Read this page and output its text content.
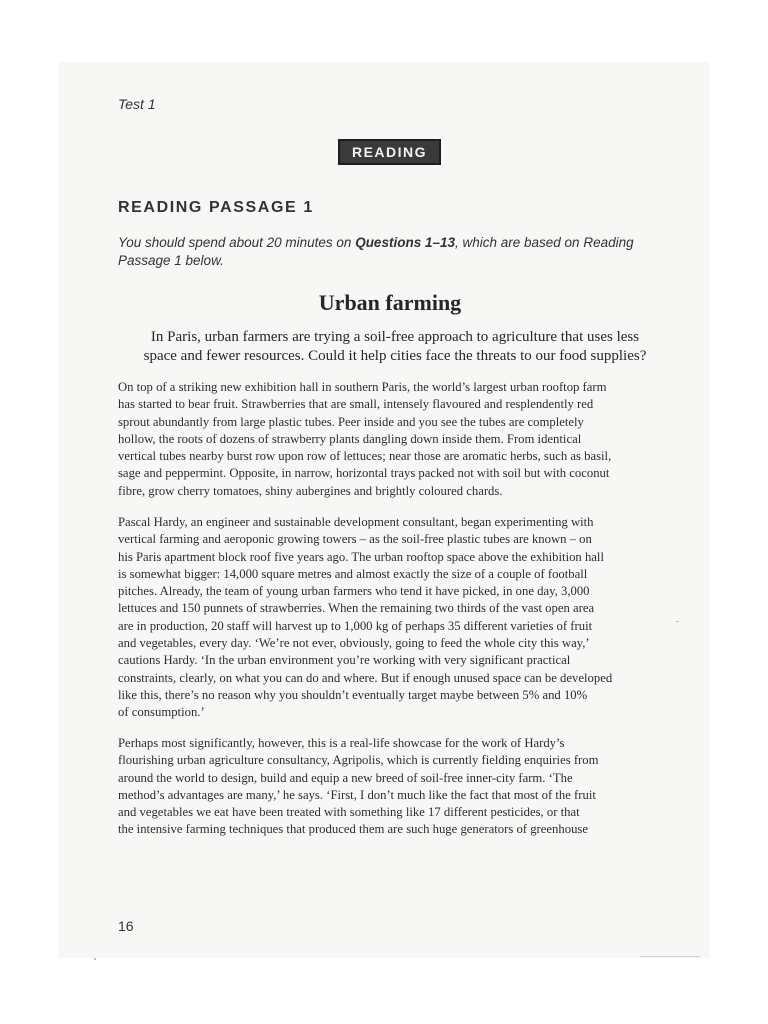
Test 1
READING
READING PASSAGE 1
You should spend about 20 minutes on Questions 1–13, which are based on Reading
Passage 1 below.
Urban farming
In Paris, urban farmers are trying a soil-free approach to agriculture that uses less
space and fewer resources. Could it help cities face the threats to our food supplies?
On top of a striking new exhibition hall in southern Paris, the world’s largest urban rooftop farm
has started to bear fruit. Strawberries that are small, intensely flavoured and resplendently red
sprout abundantly from large plastic tubes. Peer inside and you see the tubes are completely
hollow, the roots of dozens of strawberry plants dangling down inside them. From identical
vertical tubes nearby burst row upon row of lettuces; near those are aromatic herbs, such as basil,
sage and peppermint. Opposite, in narrow, horizontal trays packed not with soil but with coconut
fibre, grow cherry tomatoes, shiny aubergines and brightly coloured chards.
Pascal Hardy, an engineer and sustainable development consultant, began experimenting with
vertical farming and aeroponic growing towers – as the soil-free plastic tubes are known – on
his Paris apartment block roof five years ago. The urban rooftop space above the exhibition hall
is somewhat bigger: 14,000 square metres and almost exactly the size of a couple of football
pitches. Already, the team of young urban farmers who tend it have picked, in one day, 3,000
lettuces and 150 punnets of strawberries. When the remaining two thirds of the vast open area
are in production, 20 staff will harvest up to 1,000 kg of perhaps 35 different varieties of fruit
and vegetables, every day. ‘We’re not ever, obviously, going to feed the whole city this way,’
cautions Hardy. ‘In the urban environment you’re working with very significant practical
constraints, clearly, on what you can do and where. But if enough unused space can be developed
like this, there’s no reason why you shouldn’t eventually target maybe between 5% and 10%
of consumption.’
Perhaps most significantly, however, this is a real-life showcase for the work of Hardy’s
flourishing urban agriculture consultancy, Agripolis, which is currently fielding enquiries from
around the world to design, build and equip a new breed of soil-free inner-city farm. ‘The
method’s advantages are many,’ he says. ‘First, I don’t much like the fact that most of the fruit
and vegetables we eat have been treated with something like 17 different pesticides, or that
the intensive farming techniques that produced them are such huge generators of greenhouse
16
